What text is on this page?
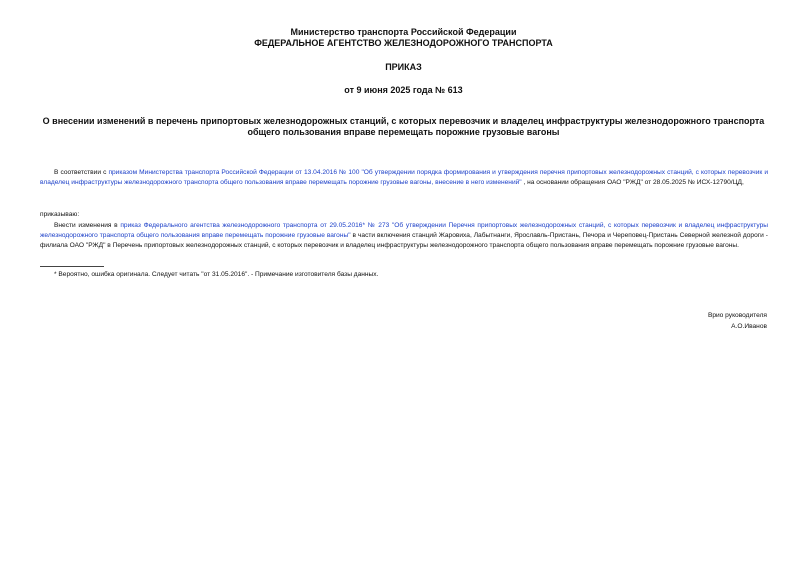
Министерство транспорта Российской Федерации
ФЕДЕРАЛЬНОЕ АГЕНТСТВО ЖЕЛЕЗНОДОРОЖНОГО ТРАНСПОРТА
ПРИКАЗ
от 9 июня 2025 года № 613
О внесении изменений в перечень припортовых железнодорожных станций, с которых перевозчик и владелец инфраструктуры железнодорожного транспорта общего пользования вправе перемещать порожние грузовые вагоны
В соответствии с приказом Министерства транспорта Российской Федерации от 13.04.2016 № 100 "Об утверждении порядка формирования и утверждения перечня припортовых железнодорожных станций, с которых перевозчик и владелец инфраструктуры железнодорожного транспорта общего пользования вправе перемещать порожние грузовые вагоны, внесение в него изменений" , на основании обращения ОАО "РЖД" от 28.05.2025 № ИСХ-12790/ЦД,
приказываю:
Внести изменения в приказ Федерального агентства железнодорожного транспорта от 29.05.2016* № 273 "Об утверждении Перечня припортовых железнодорожных станций, с которых перевозчик и владелец инфраструктуры железнодорожного транспорта общего пользования вправе перемещать порожние грузовые вагоны" в части включения станций Жаровиха, Лабытнанги, Ярославль-Пристань, Печора и Череповец-Пристань Северной железной дороги - филиала ОАО "РЖД" в Перечень припортовых железнодорожных станций, с которых перевозчик и владелец инфраструктуры железнодорожного транспорта общего пользования вправе перемещать порожние грузовые вагоны.
* Вероятно, ошибка оригинала. Следует читать "от 31.05.2016". - Примечание изготовителя базы данных.
Врио руководителя
А.О.Иванов
